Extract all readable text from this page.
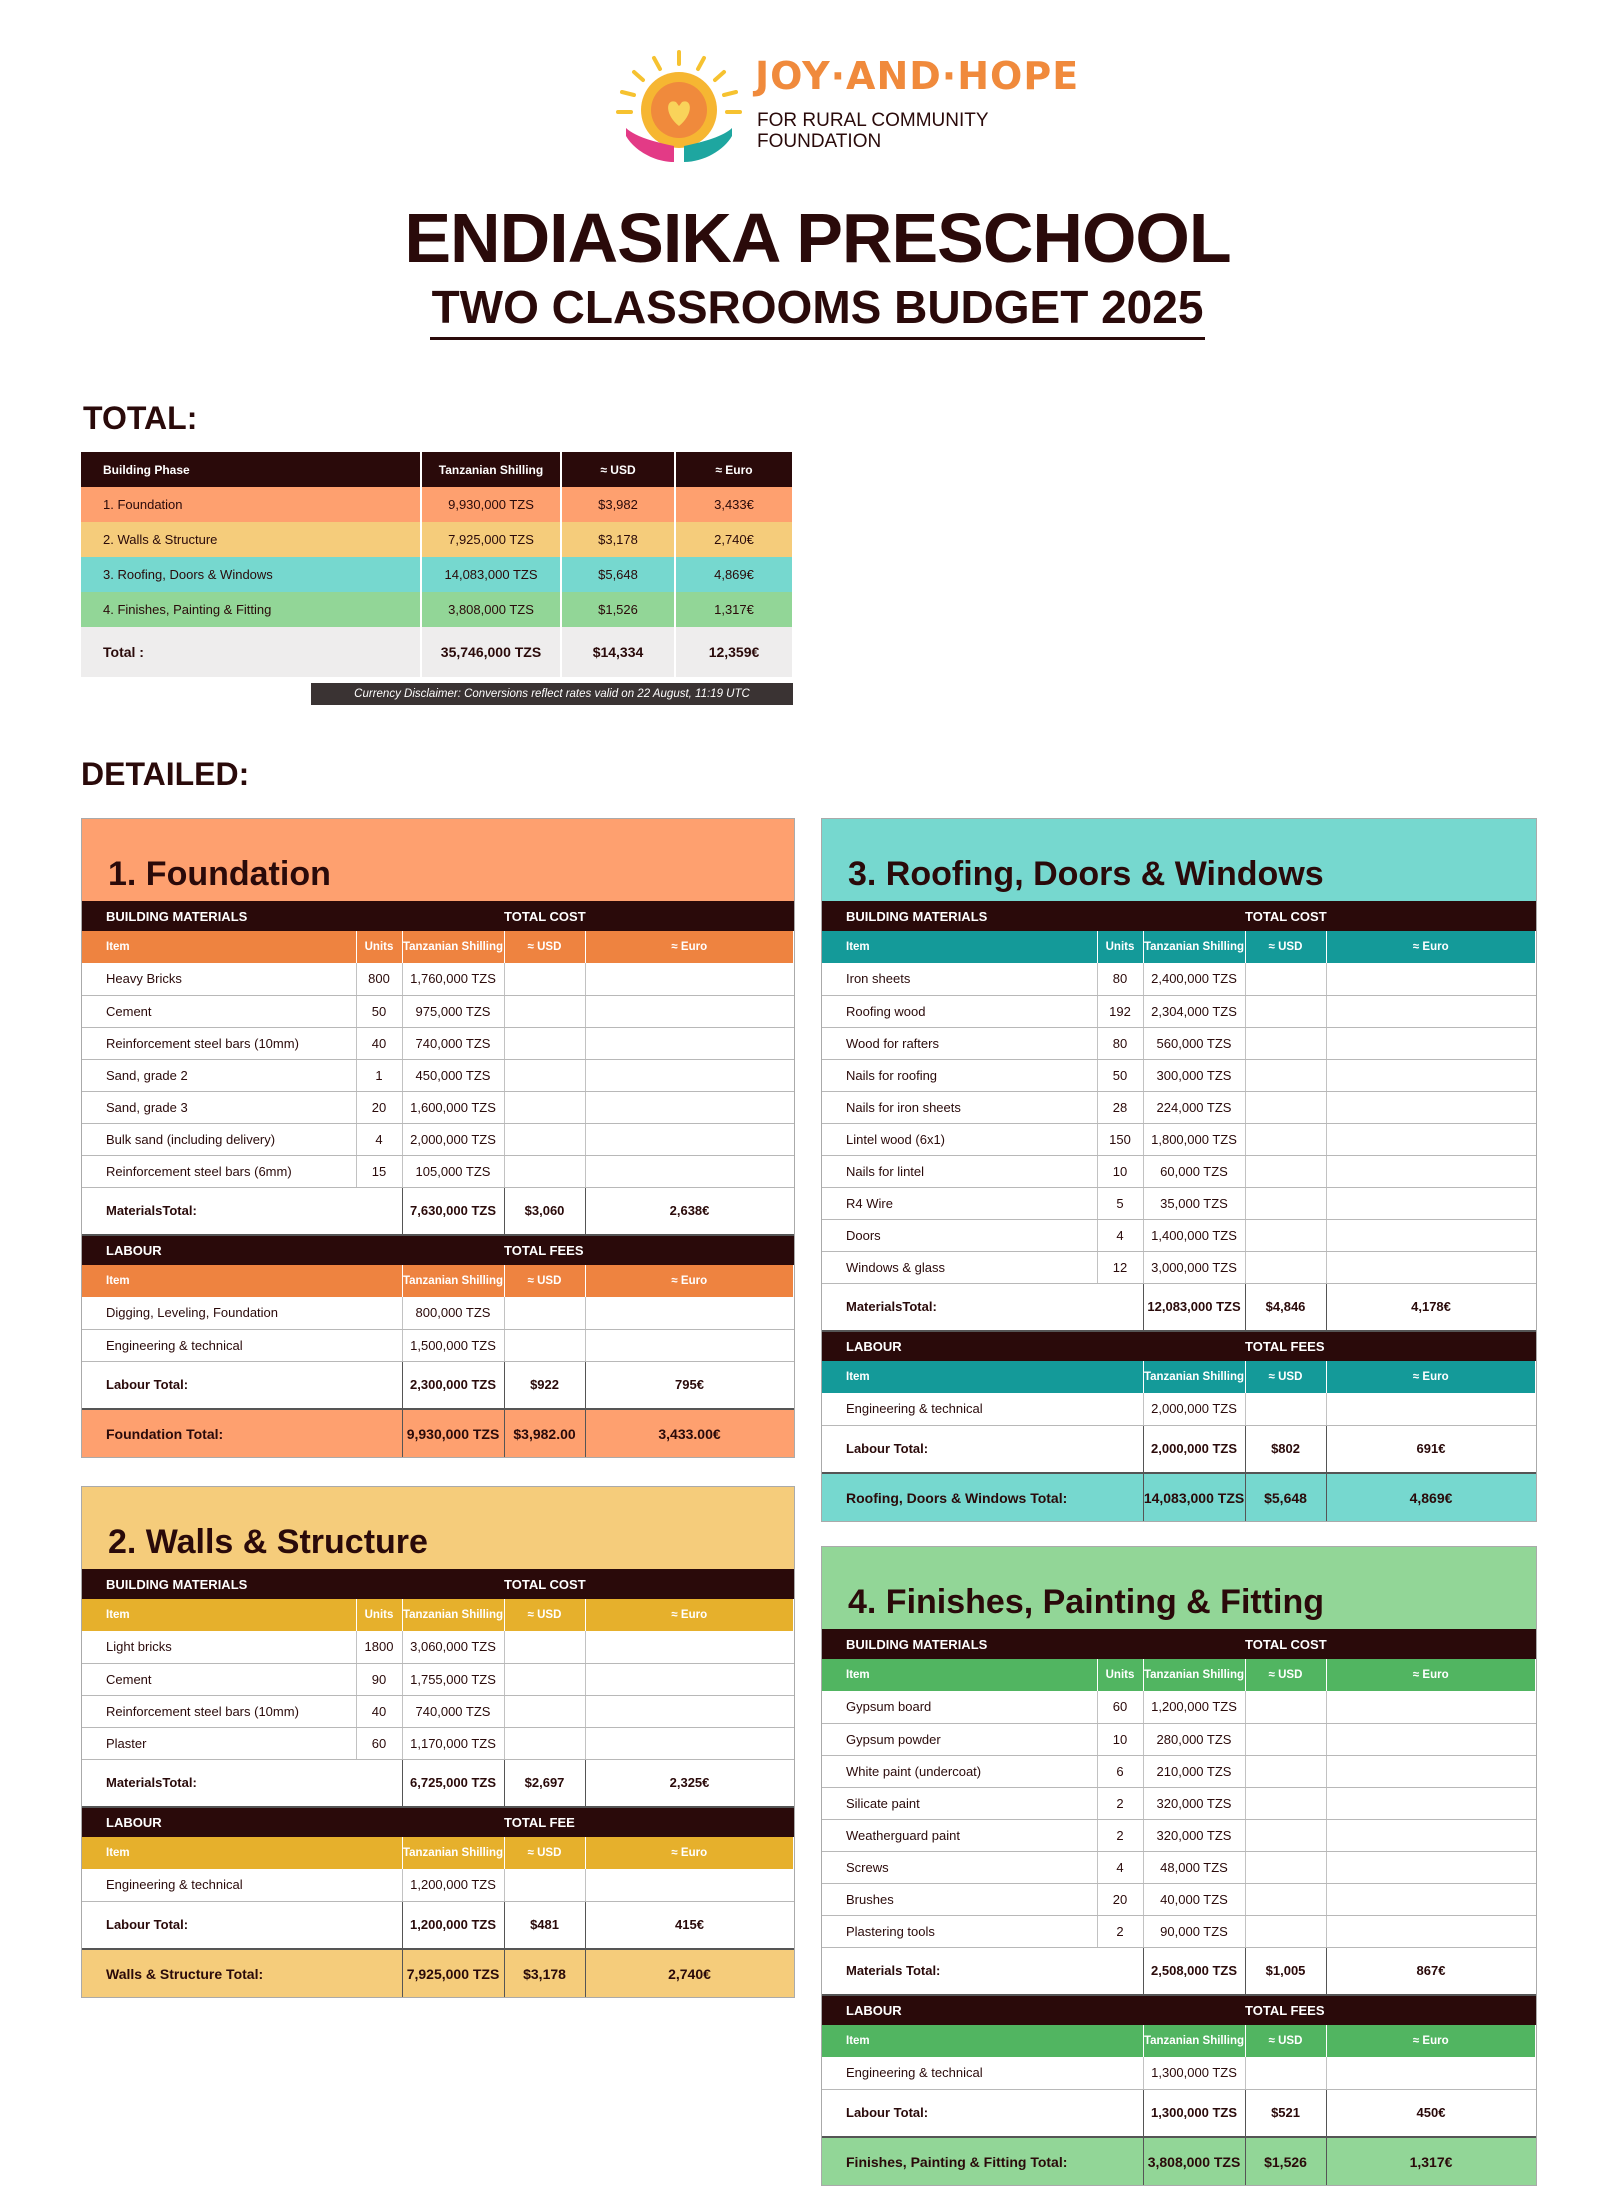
JOY·AND·HOPE
FOR RURAL COMMUNITY FOUNDATION
ENDIASIKA PRESCHOOL
TWO CLASSROOMS BUDGET 2025
TOTAL:
Building Phase	Tanzanian Shilling	≈ USD	≈ Euro
1. Foundation	9,930,000 TZS	$3,982	3,433€
2. Walls & Structure	7,925,000 TZS	$3,178	2,740€
3. Roofing, Doors & Windows	14,083,000 TZS	$5,648	4,869€
4. Finishes, Painting & Fitting	3,808,000 TZS	$1,526	1,317€
Total :	35,746,000 TZS	$14,334	12,359€
Currency Disclaimer: Conversions reflect rates valid on 22 August, 11:19 UTC
DETAILED:
1. Foundation
BUILDING MATERIALS			TOTAL COST	
Item	Units	Tanzanian Shilling	≈ USD	≈ Euro
Heavy Bricks	800	1,760,000 TZS		
Cement	50	975,000 TZS		
Reinforcement steel bars (10mm)	40	740,000 TZS		
Sand, grade 2	1	450,000 TZS		
Sand, grade 3	20	1,600,000 TZS		
Bulk sand (including delivery)	4	2,000,000 TZS		
Reinforcement steel bars (6mm)	15	105,000 TZS		
MaterialsTotal:		7,630,000 TZS	$3,060	2,638€
LABOUR			TOTAL FEES	
Item		Tanzanian Shilling	≈ USD	≈ Euro
Digging, Leveling, Foundation		800,000 TZS		
Engineering & technical		1,500,000 TZS		
Labour Total:		2,300,000 TZS	$922	795€
Foundation Total:		9,930,000 TZS	$3,982.00	3,433.00€
2. Walls & Structure
BUILDING MATERIALS			TOTAL COST	
Item	Units	Tanzanian Shilling	≈ USD	≈ Euro
Light bricks	1800	3,060,000 TZS		
Cement	90	1,755,000 TZS		
Reinforcement steel bars (10mm)	40	740,000 TZS		
Plaster	60	1,170,000 TZS		
MaterialsTotal:		6,725,000 TZS	$2,697	2,325€
LABOUR			TOTAL FEE	
Item		Tanzanian Shilling	≈ USD	≈ Euro
Engineering & technical		1,200,000 TZS		
Labour Total:		1,200,000 TZS	$481	415€
Walls & Structure Total:		7,925,000 TZS	$3,178	2,740€
3. Roofing, Doors & Windows
BUILDING MATERIALS			TOTAL COST	
Item	Units	Tanzanian Shilling	≈ USD	≈ Euro
Iron sheets	80	2,400,000 TZS		
Roofing wood	192	2,304,000 TZS		
Wood for rafters	80	560,000 TZS		
Nails for roofing	50	300,000 TZS		
Nails for iron sheets	28	224,000 TZS		
Lintel wood (6x1)	150	1,800,000 TZS		
Nails for lintel	10	60,000 TZS		
R4 Wire	5	35,000 TZS		
Doors	4	1,400,000 TZS		
Windows & glass	12	3,000,000 TZS		
MaterialsTotal:		12,083,000 TZS	$4,846	4,178€
LABOUR			TOTAL FEES	
Item		Tanzanian Shilling	≈ USD	≈ Euro
Engineering & technical		2,000,000 TZS		
Labour Total:		2,000,000 TZS	$802	691€
Roofing, Doors & Windows Total:		14,083,000 TZS	$5,648	4,869€
4. Finishes, Painting & Fitting
BUILDING MATERIALS			TOTAL COST	
Item	Units	Tanzanian Shilling	≈ USD	≈ Euro
Gypsum board	60	1,200,000 TZS		
Gypsum powder	10	280,000 TZS		
White paint (undercoat)	6	210,000 TZS		
Silicate paint	2	320,000 TZS		
Weatherguard paint	2	320,000 TZS		
Screws	4	48,000 TZS		
Brushes	20	40,000 TZS		
Plastering tools	2	90,000 TZS		
Materials Total:		2,508,000 TZS	$1,005	867€
LABOUR			TOTAL FEES	
Item		Tanzanian Shilling	≈ USD	≈ Euro
Engineering & technical		1,300,000 TZS		
Labour Total:		1,300,000 TZS	$521	450€
Finishes, Painting & Fitting Total:		3,808,000 TZS	$1,526	1,317€
